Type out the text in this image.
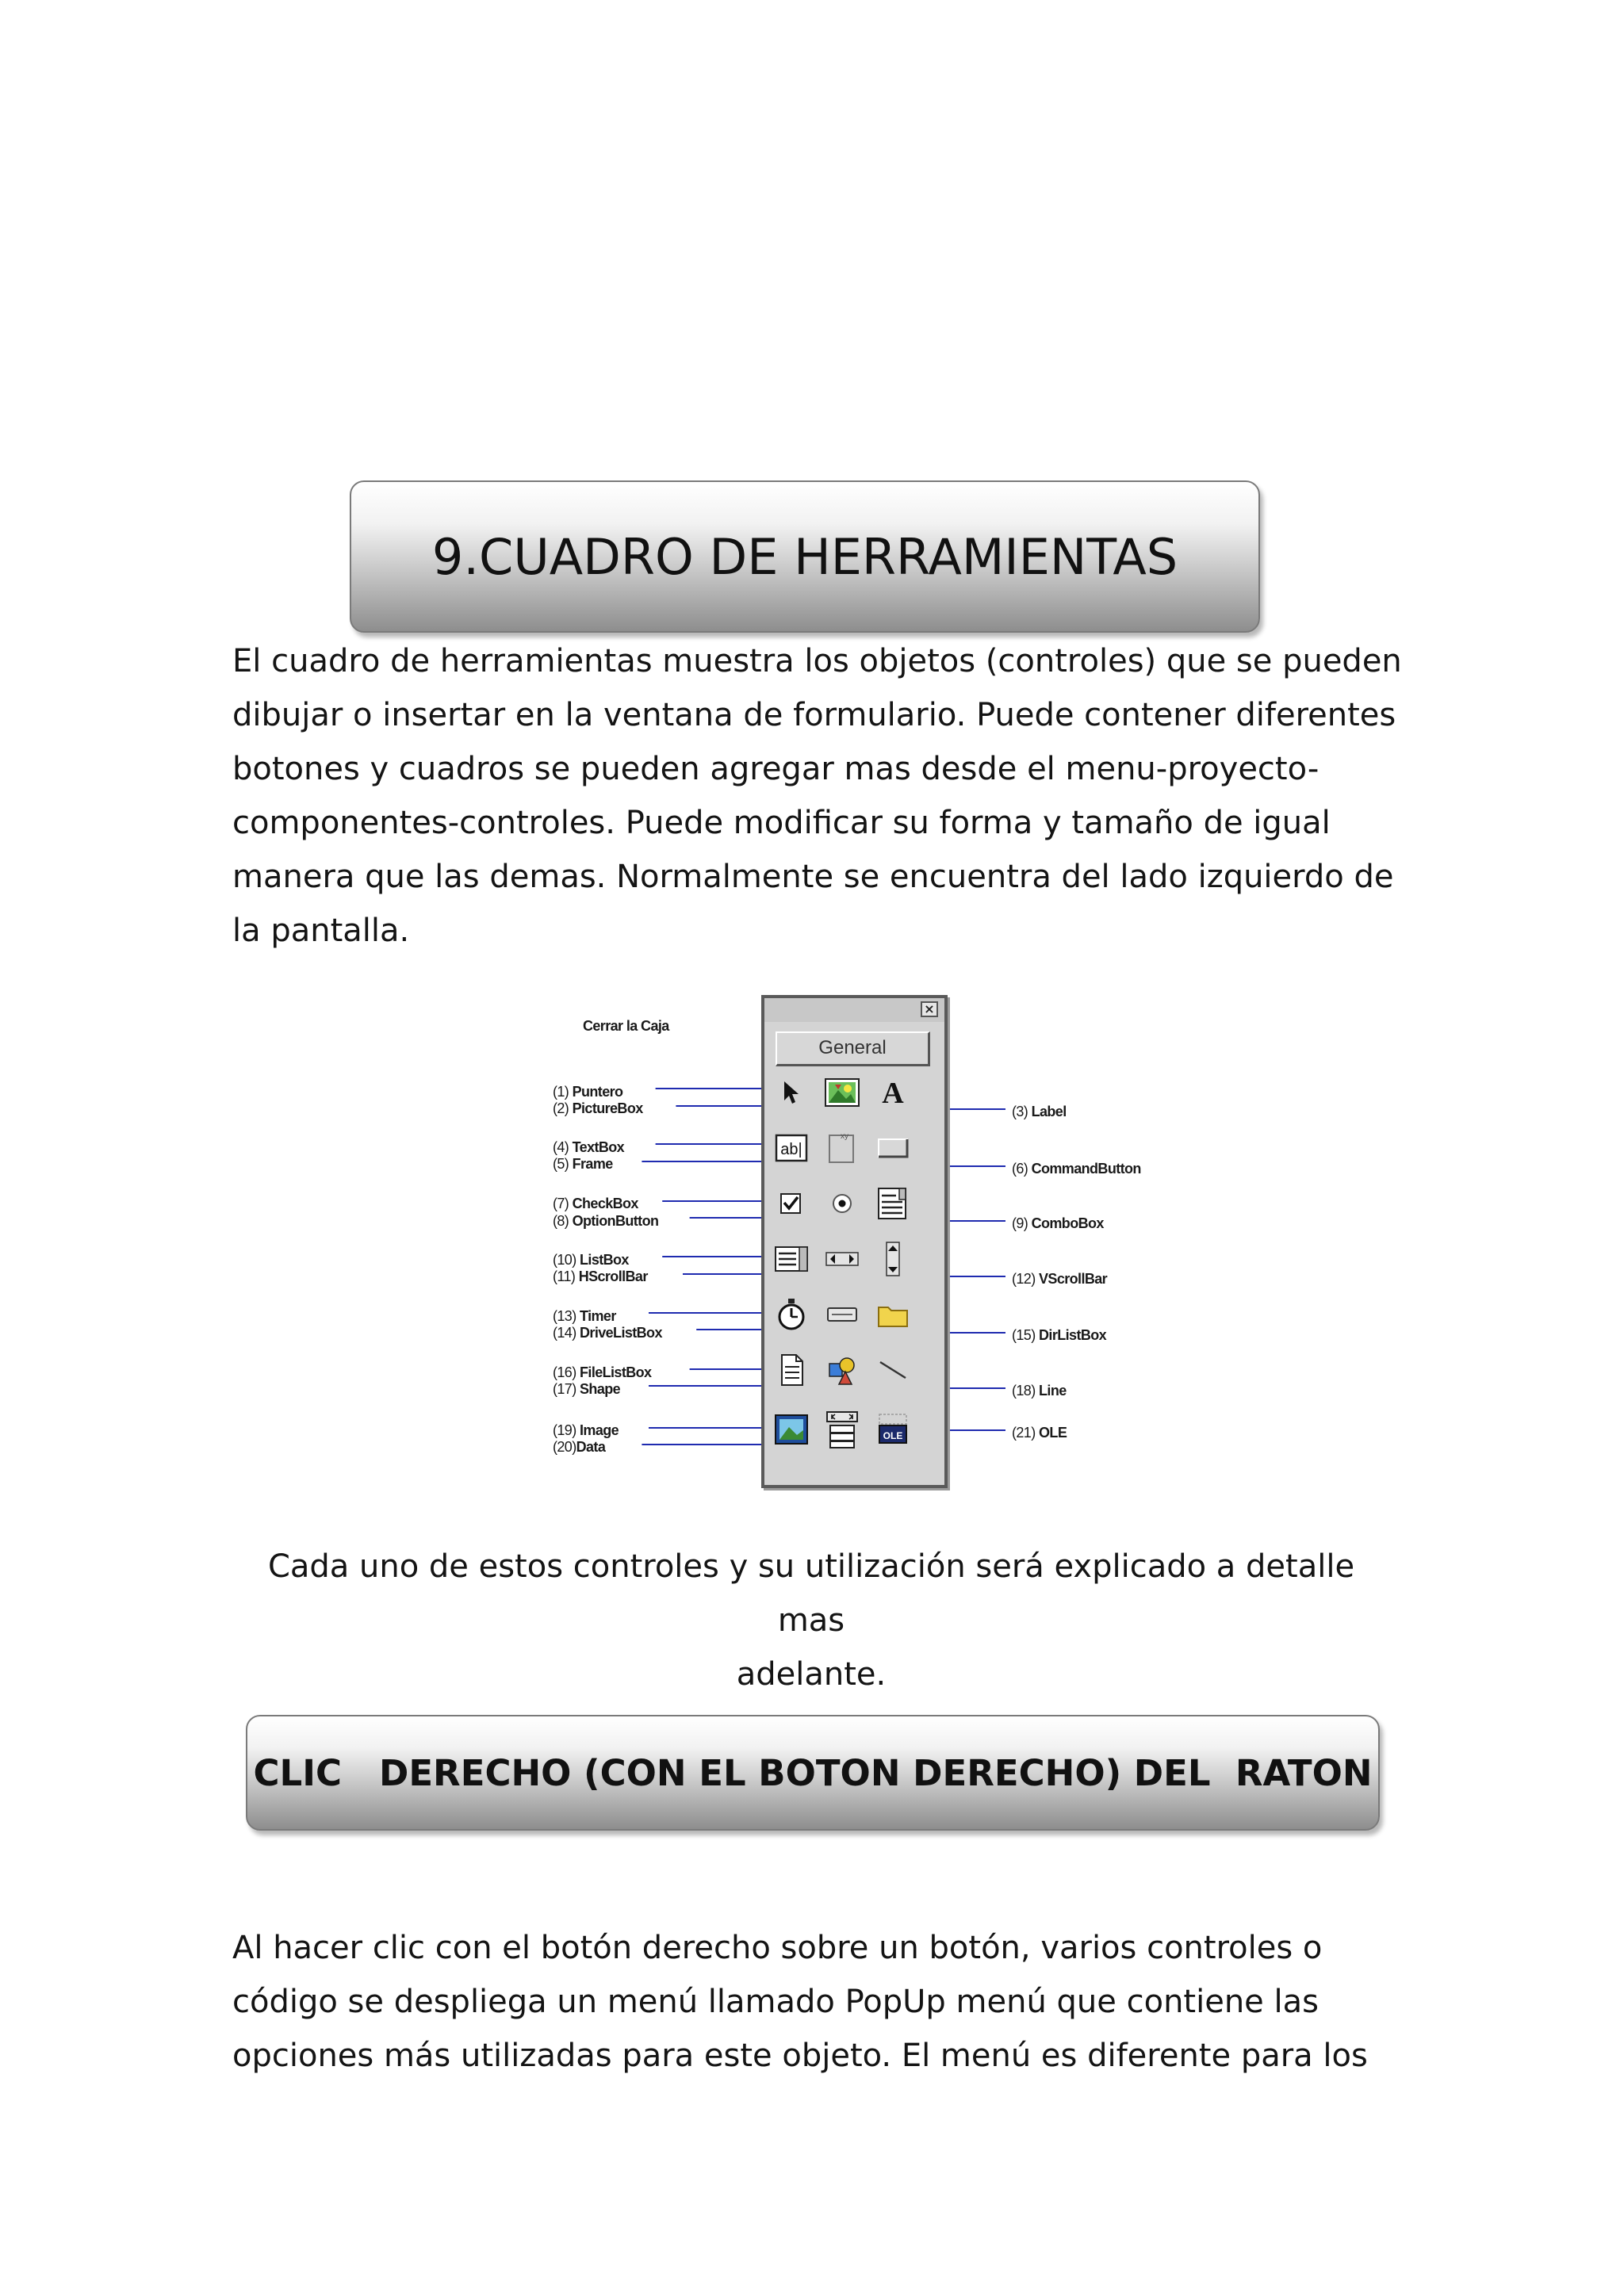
9.CUADRO DE HERRAMIENTAS

El cuadro de herramientas muestra los objetos (controles) que se pueden
dibujar o insertar en la ventana de formulario. Puede contener diferentes
botones y cuadros se pueden agregar mas desde el menu-proyecto-
componentes-controles. Puede modificar su forma y tamaño de igual
manera que las demas. Normalmente se encuentra del lado izquierdo de
la pantalla.

Cerrar la Caja
(1) Puntero
(2) PictureBox
(4) TextBox
(5) Frame
(7) CheckBox
(8) OptionButton
(10) ListBox
(11) HScrollBar
(13) Timer
(14) DriveListBox
(16) FileListBox
(17) Shape
(19) Image
(20)Data
(3) Label
(6) CommandButton
(9) ComboBox
(12) VScrollBar
(15) DirListBox
(18) Line
(21) OLE
×
General
A
ab|
xy
OLE

Cada uno de estos controles y su utilización será explicado a detalle mas
adelante.

CLIC   DERECHO (CON EL BOTON DERECHO) DEL  RATON

Al hacer clic con el botón derecho sobre un botón, varios controles o
código se despliega un menú llamado PopUp menú que contiene las
opciones más utilizadas para este objeto. El menú es diferente para los
